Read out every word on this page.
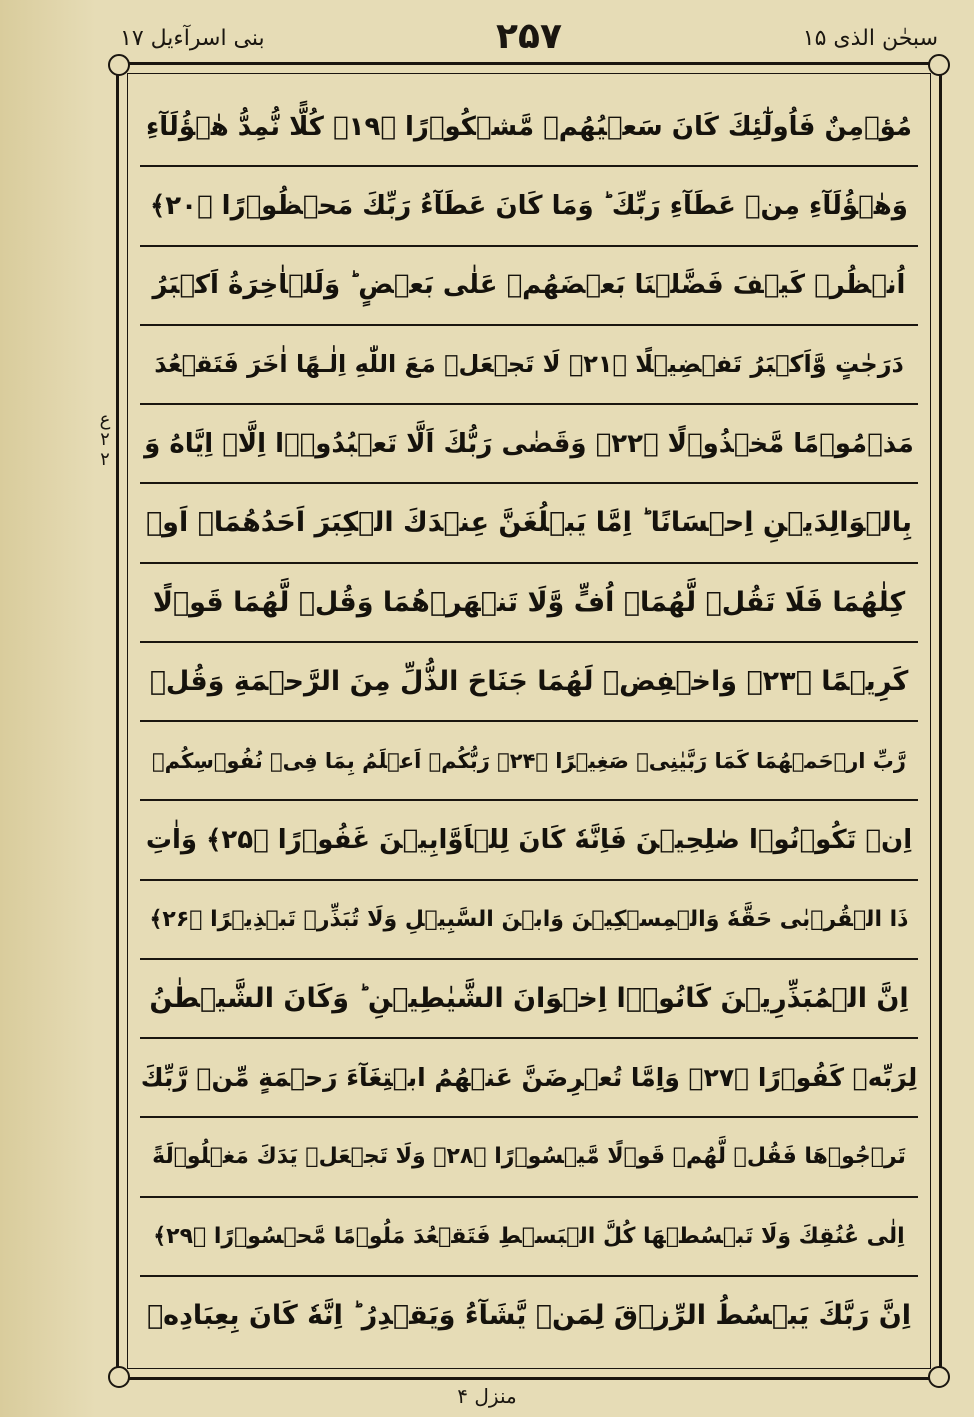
سبحٰن الذی ۱۵
۲۵۷
بنی اسرآءیل ۱۷
ع ۲ ۲
مُؤۡمِنٌ فَاُولٰٓئِكَ كَانَ سَعۡیُهُمۡ مَّشۡكُوۡرًا ﴿۱۹﴾ كُلًّا نُّمِدُّ هٰۤؤُلَآءِ
وَهٰۤؤُلَآءِ مِنۡ عَطَآءِ رَبِّكَ ؕ وَمَا كَانَ عَطَآءُ رَبِّكَ مَحۡظُوۡرًا ﴿۲۰﴾
اُنۡظُرۡ كَیۡفَ فَضَّلۡنَا بَعۡضَهُمۡ عَلٰى بَعۡضٍ ؕ وَلَلۡاٰخِرَةُ اَكۡبَرُ
دَرَجٰتٍ وَّاَكۡبَرُ تَفۡضِیۡلًا ﴿۲۱﴾ لَا تَجۡعَلۡ مَعَ اللّٰهِ اِلٰـهًا اٰخَرَ فَتَقۡعُدَ
مَذۡمُوۡمًا مَّخۡذُوۡلًا ﴿۲۲﴾ وَقَضٰى رَبُّكَ اَلَّا تَعۡبُدُوۡۤا اِلَّاۤ اِیَّاهُ وَ
بِالۡوَالِدَیۡنِ اِحۡسَانًا ؕ اِمَّا یَبۡلُغَنَّ عِنۡدَكَ الۡكِبَرَ اَحَدُهُمَاۤ اَوۡ
كِلٰهُمَا فَلَا تَقُلۡ لَّهُمَاۤ اُفٍّ وَّلَا تَنۡهَرۡهُمَا وَقُلۡ لَّهُمَا قَوۡلًا
كَرِیۡمًا ﴿۲۳﴾ وَاخۡفِضۡ لَهُمَا جَنَاحَ الذُّلِّ مِنَ الرَّحۡمَةِ وَقُلۡ
رَّبِّ ارۡحَمۡهُمَا كَمَا رَبَّیٰنِیۡ صَغِیۡرًا ﴿۲۴﴾ رَبُّكُمۡ اَعۡلَمُ بِمَا فِیۡ نُفُوۡسِكُمۡ
اِنۡ تَكُوۡنُوۡا صٰلِحِیۡنَ فَاِنَّهٗ كَانَ لِلۡاَوَّابِیۡنَ غَفُوۡرًا ﴿۲۵﴾ وَاٰتِ
ذَا الۡقُرۡبٰى حَقَّهٗ وَالۡمِسۡكِیۡنَ وَابۡنَ السَّبِیۡلِ وَلَا تُبَذِّرۡ تَبۡذِیۡرًا ﴿۲۶﴾
اِنَّ الۡمُبَذِّرِیۡنَ كَانُوۡۤا اِخۡوَانَ الشَّیٰطِیۡنِ ؕ وَكَانَ الشَّیۡطٰنُ
لِرَبِّهٖ كَفُوۡرًا ﴿۲۷﴾ وَاِمَّا تُعۡرِضَنَّ عَنۡهُمُ ابۡتِغَآءَ رَحۡمَةٍ مِّنۡ رَّبِّكَ
تَرۡجُوۡهَا فَقُلۡ لَّهُمۡ قَوۡلًا مَّیۡسُوۡرًا ﴿۲۸﴾ وَلَا تَجۡعَلۡ یَدَكَ مَغۡلُوۡلَةً
اِلٰى عُنُقِكَ وَلَا تَبۡسُطۡهَا كُلَّ الۡبَسۡطِ فَتَقۡعُدَ مَلُوۡمًا مَّحۡسُوۡرًا ﴿۲۹﴾
اِنَّ رَبَّكَ یَبۡسُطُ الرِّزۡقَ لِمَنۡ یَّشَآءُ وَیَقۡدِرُ ؕ اِنَّهٗ كَانَ بِعِبَادِهٖ
منزل ۴
